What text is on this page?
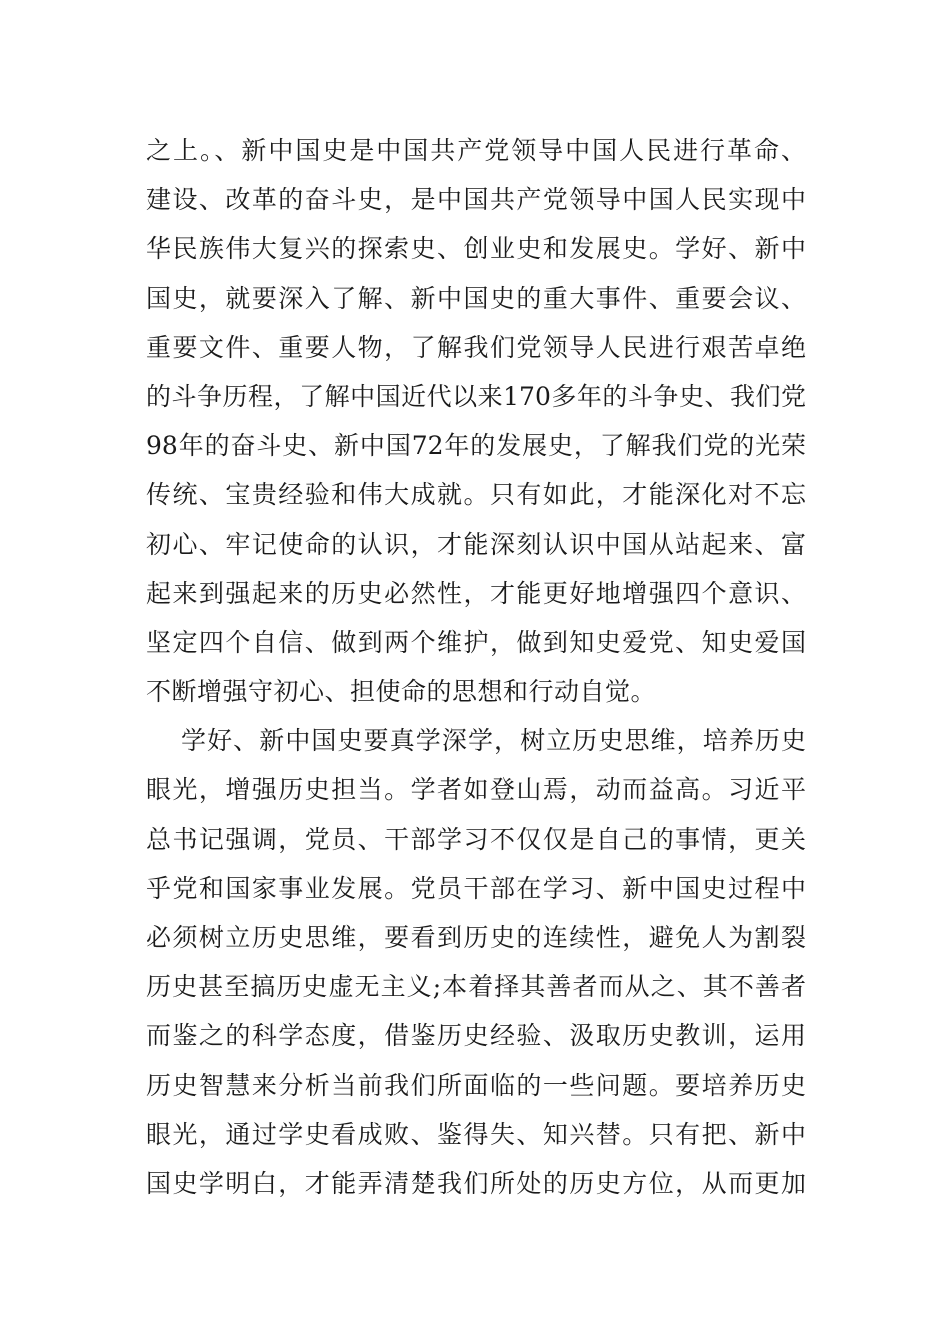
之上。、新中国史是中国共产党领导中国人民进行革命、
建设、改革的奋斗史，是中国共产党领导中国人民实现中
华民族伟大复兴的探索史、创业史和发展史。学好、新中
国史，就要深入了解、新中国史的重大事件、重要会议、
重要文件、重要人物，了解我们党领导人民进行艰苦卓绝
的斗争历程，了解中国近代以来170多年的斗争史、我们党
98年的奋斗史、新中国72年的发展史，了解我们党的光荣
传统、宝贵经验和伟大成就。只有如此，才能深化对不忘
初心、牢记使命的认识，才能深刻认识中国从站起来、富
起来到强起来的历史必然性，才能更好地增强四个意识、
坚定四个自信、做到两个维护，做到知史爱党、知史爱国
不断增强守初心、担使命的思想和行动自觉。
学好、新中国史要真学深学，树立历史思维，培养历史
眼光，增强历史担当。学者如登山焉，动而益高。习近平
总书记强调，党员、干部学习不仅仅是自己的事情，更关
乎党和国家事业发展。党员干部在学习、新中国史过程中
必须树立历史思维，要看到历史的连续性，避免人为割裂
历史甚至搞历史虚无主义;本着择其善者而从之、其不善者
而鉴之的科学态度，借鉴历史经验、汲取历史教训，运用
历史智慧来分析当前我们所面临的一些问题。要培养历史
眼光，通过学史看成败、鉴得失、知兴替。只有把、新中
国史学明白，才能弄清楚我们所处的历史方位，从而更加
